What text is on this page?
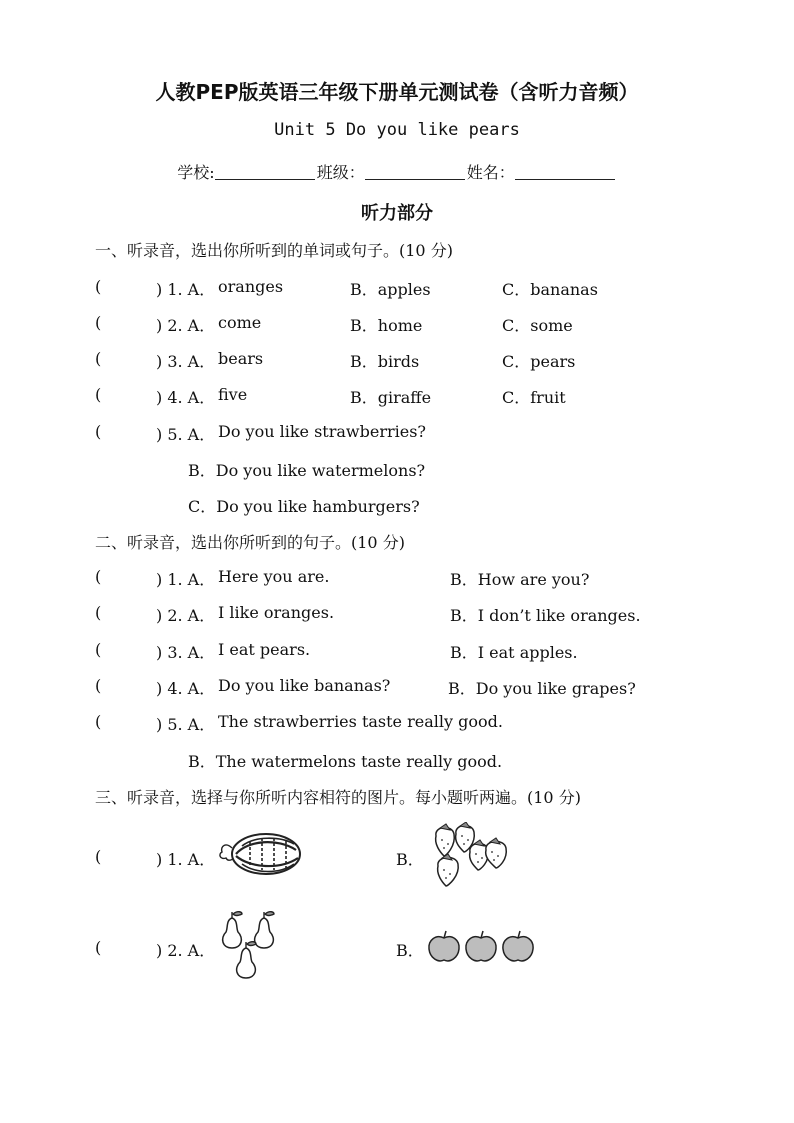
人教PEP版英语三年级下册单元测试卷（含听力音频）
Unit 5 Do you like pears
学校:	班级：	姓名：
听力部分
一、听录音，选出你所听到的单词或句子。(10 分)
(	) 1. A． oranges	B．apples	C．bananas
(	) 2. A． come	B．home	C．some
(	) 3. A． bears	B．birds	C．pears
(	) 4. A． five	B．giraffe	C．fruit
(	) 5. A． Do you like strawberries?
B．Do you like watermelons?
C．Do you like hamburgers?
二、听录音，选出你所听到的句子。(10 分)
(	) 1. A． Here you are.	B．How are you?
(	) 2. A． I like oranges.	B．I don’t like oranges.
(	) 3. A． I eat pears.	B．I eat apples.
(	) 4. A． Do you like bananas?	B．Do you like grapes?
(	) 5. A． The strawberries taste really good.
B．The watermelons taste really good.
三、听录音，选择与你所听内容相符的图片。每小题听两遍。(10 分)
(	) 1. A．	B．
(	) 2. A．	B．
